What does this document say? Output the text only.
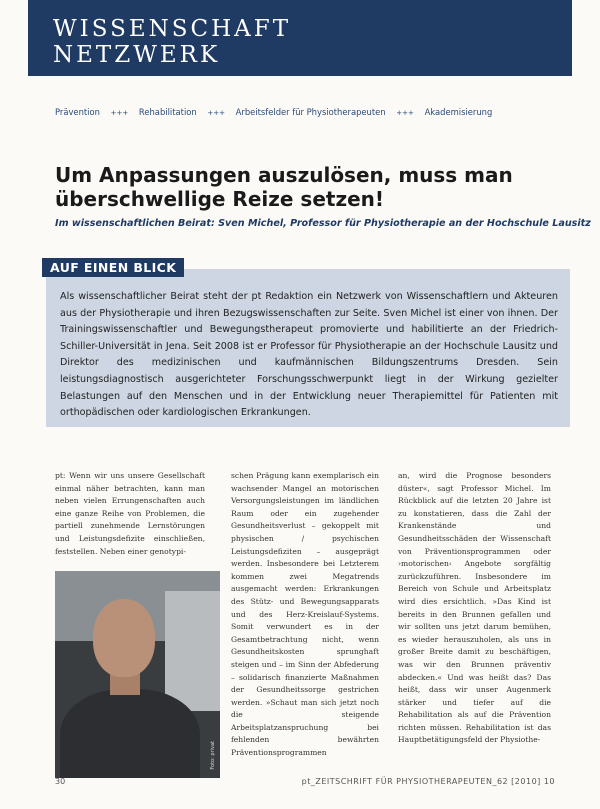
WISSENSCHAFT
NETZWERK
Prävention +++ Rehabilitation +++ Arbeitsfelder für Physiotherapeuten +++ Akademisierung
Um Anpassungen auszulösen, muss man überschwellige Reize setzen!
Im wissenschaftlichen Beirat: Sven Michel, Professor für Physiotherapie an der Hochschule Lausitz
AUF EINEN BLICK

Als wissenschaftlicher Beirat steht der pt Redaktion ein Netzwerk von Wissenschaftlern und Akteuren aus der Physiotherapie und ihren Bezugswissenschaften zur Seite. Sven Michel ist einer von ihnen. Der Trainingswissenschaftler und Bewegungstherapeut promovierte und habilitierte an der Friedrich-Schiller-Universität in Jena. Seit 2008 ist er Professor für Physiotherapie an der Hochschule Lausitz und Direktor des medizinischen und kaufmännischen Bildungszentrums Dresden. Sein leistungsdiagnostisch ausgerichteter Forschungsschwerpunkt liegt in der Wirkung gezielter Belastungen auf den Menschen und in der Entwicklung neuer Therapiemittel für Patienten mit orthopädischen oder kardiologischen Erkrankungen.

pt: Wenn wir uns unsere Gesellschaft einmal näher betrachten, kann man neben vielen Errungenschaften auch eine ganze Reihe von Problemen, die partiell zunehmende Lernstörungen und Leistungsdefizite einschließen, feststellen. Neben einer genotypi-

Foto: privat

schen Prägung kann exemplarisch ein wachsender Mangel an motorischen Versorgungsleistungen im ländlichen Raum oder ein zugehender Gesundheitsverlust – gekoppelt mit physischen / psychischen Leistungsdefiziten – ausgeprägt werden. Insbesondere bei Letzterem kommen zwei Megatrends ausgemacht werden: Erkrankungen des Stütz- und Bewegungsapparats und des Herz-Kreislauf-Systems. Somit verwundert es in der Gesamtbetrachtung nicht, wenn Gesundheitskosten sprunghaft steigen und – im Sinn der Abfederung – solidarisch finanzierte Maßnahmen der Gesundheitssorge gestrichen werden. »Schaut man sich jetzt noch die steigende Arbeitsplatzanspruchung bei fehlenden bewährten Präventionsprogrammen

an, wird die Prognose besonders düster«, sagt Professor Michel. Im Rückblick auf die letzten 20 Jahre ist zu konstatieren, dass die Zahl der Krankenstände und Gesundheitsschäden der Wissenschaft von Präventionsprogrammen oder ›motorischen‹ Angebote sorgfältig zurückzuführen. Insbesondere im Bereich von Schule und Arbeitsplatz wird dies ersichtlich. »Das Kind ist bereits in den Brunnen gefallen und wir sollten uns jetzt darum bemühen, es wieder herauszuholen, als uns in großer Breite damit zu beschäftigen, was wir den Brunnen präventiv abdecken.« Und was heißt das? Das heißt, dass wir unser Augenmerk stärker und tiefer auf die Rehabilitation als auf die Prävention richten müssen. Rehabilitation ist das Hauptbetätigungsfeld der Physiothe-

30	pt_ZEITSCHRIFT FÜR PHYSIOTHERAPEUTEN_62 [2010] 10
